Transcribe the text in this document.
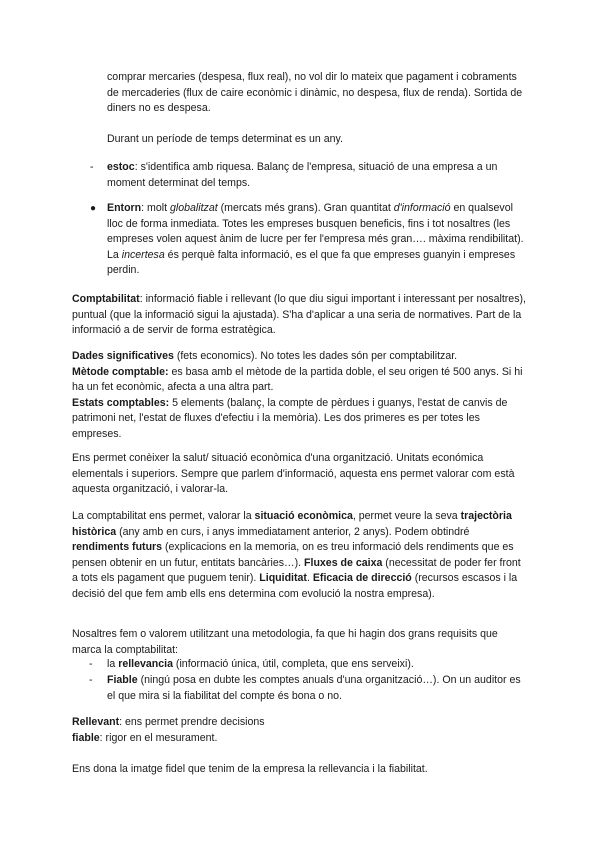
comprar mercaries (despesa, flux real), no vol dir lo mateix que pagament i cobraments de mercaderies (flux de caire econòmic i dinàmic, no despesa, flux de renda). Sortida de diners no es despesa.

Durant un període de temps determinat es un any.

- estoc: s'identifica amb riquesa. Balanç de l'empresa, situació de una empresa a un moment determinat del temps.

● Entorn: molt globalitzat (mercats més grans). Gran quantitat d'informació en qualsevol lloc de forma inmediata. Totes les empreses busquen beneficis, fins i tot nosaltres (les empreses volen aquest ànim de lucre per fer l'empresa més gran…. màxima rendibilitat). La incertesa és perquè falta informació, es el que fa que empreses guanyin i empreses perdin.

Comptabilitat: informació fiable i rellevant (lo que diu sigui important i interessant per nosaltres), puntual (que la informació sigui la ajustada). S'ha d'aplicar a una seria de normatives. Part de la informació a de servir de forma estratègica.

Dades significatives (fets economics). No totes les dades són per comptabilitzar.
Mètode comptable: es basa amb el mètode de la partida doble, el seu origen té 500 anys. Si hi ha un fet econòmic, afecta a una altra part.
Estats comptables: 5 elements (balanç, la compte de pèrdues i guanys, l'estat de canvis de patrimoni net, l'estat de fluxes d'efectiu i la memòria). Les dos primeres es per totes les empreses.

Ens permet conèixer la salut/ situació econòmica d'una organització. Unitats económica elementals i superiors. Sempre que parlem d'informació, aquesta ens permet valorar com està aquesta organització, i valorar-la.

La comptabilitat ens permet, valorar la situació econòmica, permet veure la seva trajectòria històrica (any amb en curs, i anys immediatament anterior, 2 anys). Podem obtindré rendiments futurs (explicacions en la memoria, on es treu informació dels rendiments que es pensen obtenir en un futur, entitats bancàries…). Fluxes de caixa (necessitat de poder fer front a tots els pagament que puguem tenir). Liquiditat. Eficacia de direcció (recursos escasos i la decisió del que fem amb ells ens determina com evolució la nostra empresa).

Nosaltres fem o valorem utilitzant una metodologia, fa que hi hagin dos grans requisits que marca la comptabilitat:

- la rellevancia (informació única, útil, completa, que ens serveixi).

- Fiable (ningú posa en dubte les comptes anuals d'una organització…). On un auditor es el que mira si la fiabilitat del compte és bona o no.

Rellevant: ens permet prendre decisions
fiable: rigor en el mesurament.

Ens dona la imatge fidel que tenim de la empresa la rellevancia i la fiabilitat.
